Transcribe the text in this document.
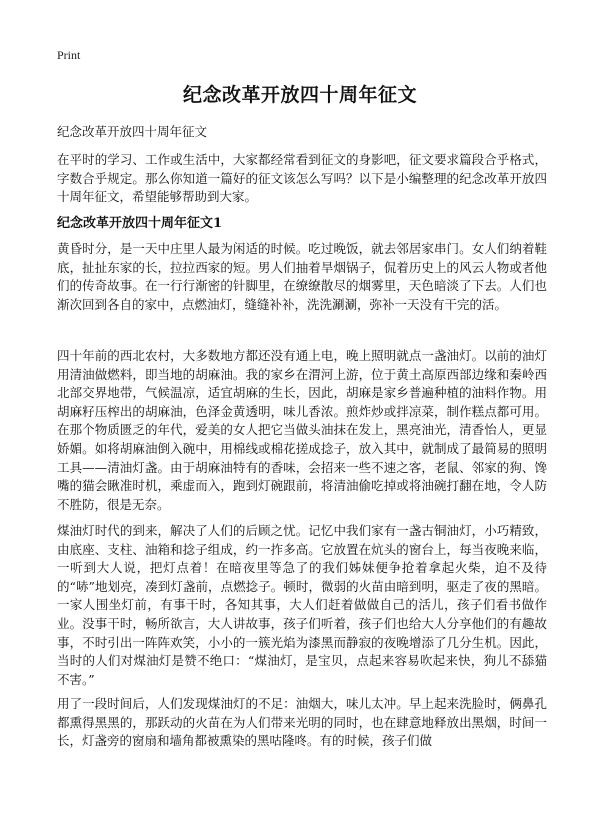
Print
纪念改革开放四十周年征文
纪念改革开放四十周年征文

在平时的学习、工作或生活中，大家都经常看到征文的身影吧，征文要求篇段合乎格式，字数合乎规定。那么你知道一篇好的征文该怎么写吗？以下是小编整理的纪念改革开放四十周年征文，希望能够帮助到大家。

纪念改革开放四十周年征文1

黄昏时分，是一天中庄里人最为闲适的时候。吃过晚饭，就去邻居家串门。女人们纳着鞋底，扯扯东家的长，拉拉西家的短。男人们抽着旱烟锅子，侃着历史上的风云人物或者他们的传奇故事。在一行行渐密的针脚里，在缭缭散尽的烟雾里，天色暗淡了下去。人们也渐次回到各自的家中，点燃油灯，缝缝补补，洗洗涮涮，弥补一天没有干完的活。

四十年前的西北农村，大多数地方都还没有通上电，晚上照明就点一盏油灯。以前的油灯用清油做燃料，即当地的胡麻油。我的家乡在渭河上游，位于黄土高原西部边缘和秦岭西北部交界地带，气候温凉，适宜胡麻的生长，因此，胡麻是家乡普遍种植的油料作物。用胡麻籽压榨出的胡麻油，色泽金黄透明，味儿香浓。煎炸炒或拌凉菜，制作糕点都可用。在那个物质匮乏的年代，爱美的女人把它当做头油抹在发上，黑亮油光，清香怡人，更显娇媚。如将胡麻油倒入碗中，用棉线或棉花搓成捻子，放入其中，就制成了最简易的照明工具——清油灯盏。由于胡麻油特有的香味，会招来一些不速之客，老鼠、邻家的狗、馋嘴的猫会瞅准时机，乘虚而入，跑到灯碗跟前，将清油偷吃掉或将油碗打翻在地，令人防不胜防，很是无奈。

煤油灯时代的到来，解决了人们的后顾之忧。记忆中我们家有一盏古铜油灯，小巧精致，由底座、支柱、油箱和捻子组成，约一拃多高。它放置在炕头的窗台上，每当夜晚来临，一听到大人说，把灯点着！在暗夜里等急了的我们姊妹便争抢着拿起火柴，迫不及待的“哧”地划亮，凑到灯盏前，点燃捻子。顿时，微弱的火苗由暗到明，驱走了夜的黑暗。一家人围坐灯前，有事干时，各知其事，大人们赶着做做自己的活儿，孩子们看书做作业。没事干时，畅所欲言，大人讲故事，孩子们听着，孩子们也给大人分享他们的有趣故事，不时引出一阵阵欢笑，小小的一簇光焰为漆黑而静寂的夜晚增添了几分生机。因此，当时的人们对煤油灯是赞不绝口：“煤油灯，是宝贝，点起来容易吹起来快，狗儿不舔猫不害。”

用了一段时间后，人们发现煤油灯的不足：油烟大，味儿太冲。早上起来洗脸时，俩鼻孔都熏得黑黑的，那跃动的火苗在为人们带来光明的同时，也在肆意地释放出黑烟，时间一长，灯盏旁的窗扇和墙角都被熏染的黑咕隆咚。有的时候，孩子们做
